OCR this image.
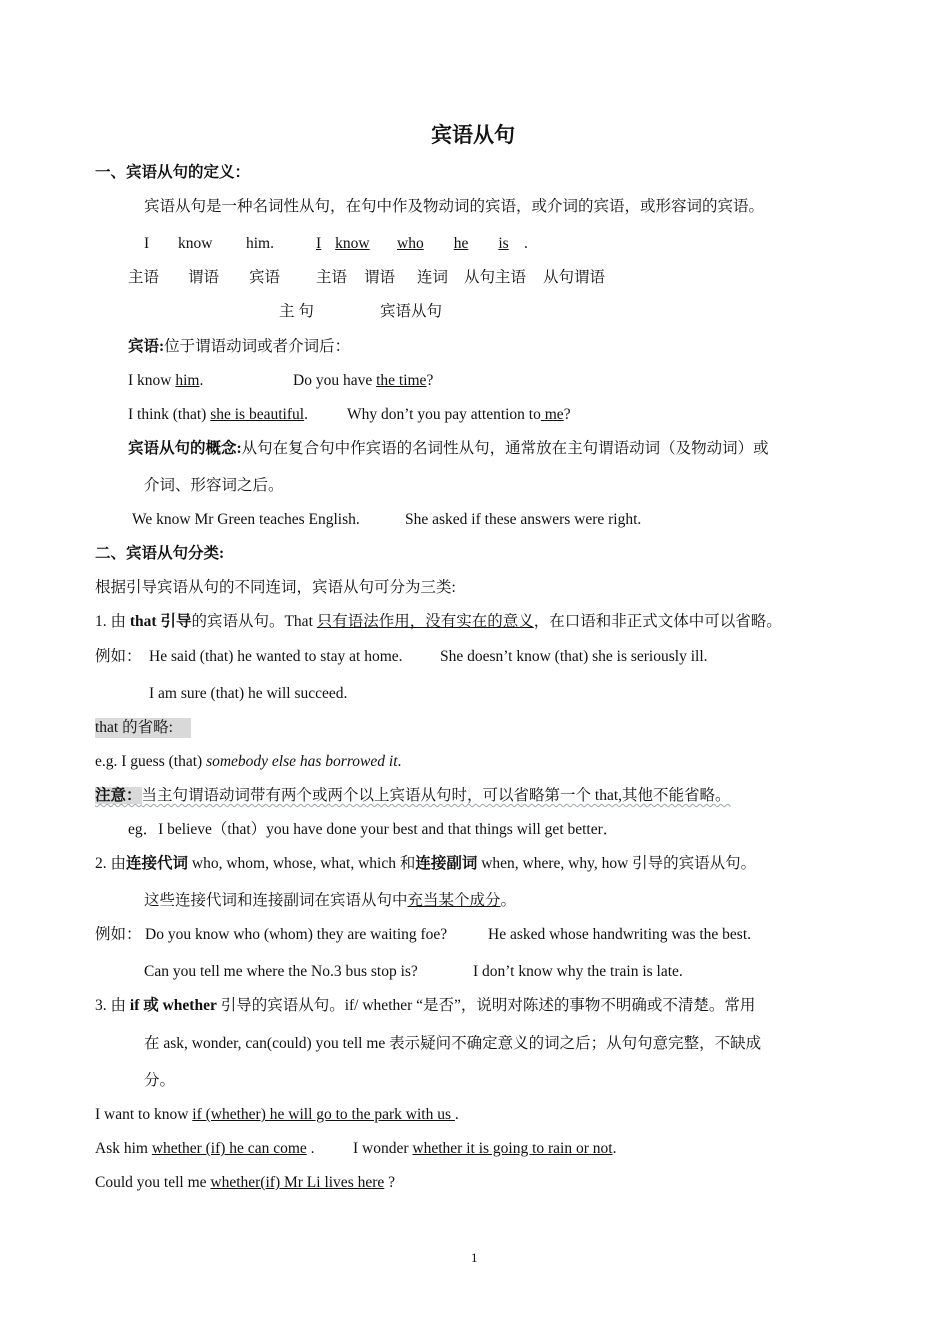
宾语从句
一、宾语从句的定义：
宾语从句是一种名词性从句，在句中作及物动词的宾语，或介词的宾语，或形容词的宾语。
I know him.	I know	who he is .
主语 谓语 宾语 主语 谓语 连词 从句主语 从句谓语
主 句	宾语从句
宾语:位于谓语动词或者介词后：
I know him.	Do you have the time?
I think (that) she is beautiful.	Why don’t you pay attention to me?
宾语从句的概念:从句在复合句中作宾语的名词性从句，通常放在主句谓语动词（及物动词）或
介词、形容词之后。
We know Mr Green teaches English.	She asked if these answers were right.
二、宾语从句分类:
根据引导宾语从句的不同连词，宾语从句可分为三类:
1. 由 that 引导的宾语从句。That 只有语法作用，没有实在的意义，在口语和非正式文体中可以省略。
例如： He said (that) he wanted to stay at home. She doesn’t know (that) she is seriously ill.
I am sure (that) he will succeed.
that 的省略:
e.g. I guess (that) somebody else has borrowed it.
注意：当主句谓语动词带有两个或两个以上宾语从句时，可以省略第一个 that,其他不能省略。
eg．I believe（that）you have done your best and that things will get better．
2. 由连接代词 who, whom, whose, what, which 和连接副词 when, where, why, how 引导的宾语从句。
这些连接代词和连接副词在宾语从句中充当某个成分。
例如： Do you know who (whom) they are waiting foe?	He asked whose handwriting was the best.
Can you tell me where the No.3 bus stop is?	I don’t know why the train is late.
3. 由 if 或 whether 引导的宾语从句。if/ whether “是否”，说明对陈述的事物不明确或不清楚。常用
在 ask, wonder, can(could) you tell me 表示疑问不确定意义的词之后；从句句意完整，不缺成
分。
I want to know if (whether) he will go to the park with us .
Ask him whether (if) he can come . I wonder whether it is going to rain or not.
Could you tell me whether(if) Mr Li lives here ?
1
